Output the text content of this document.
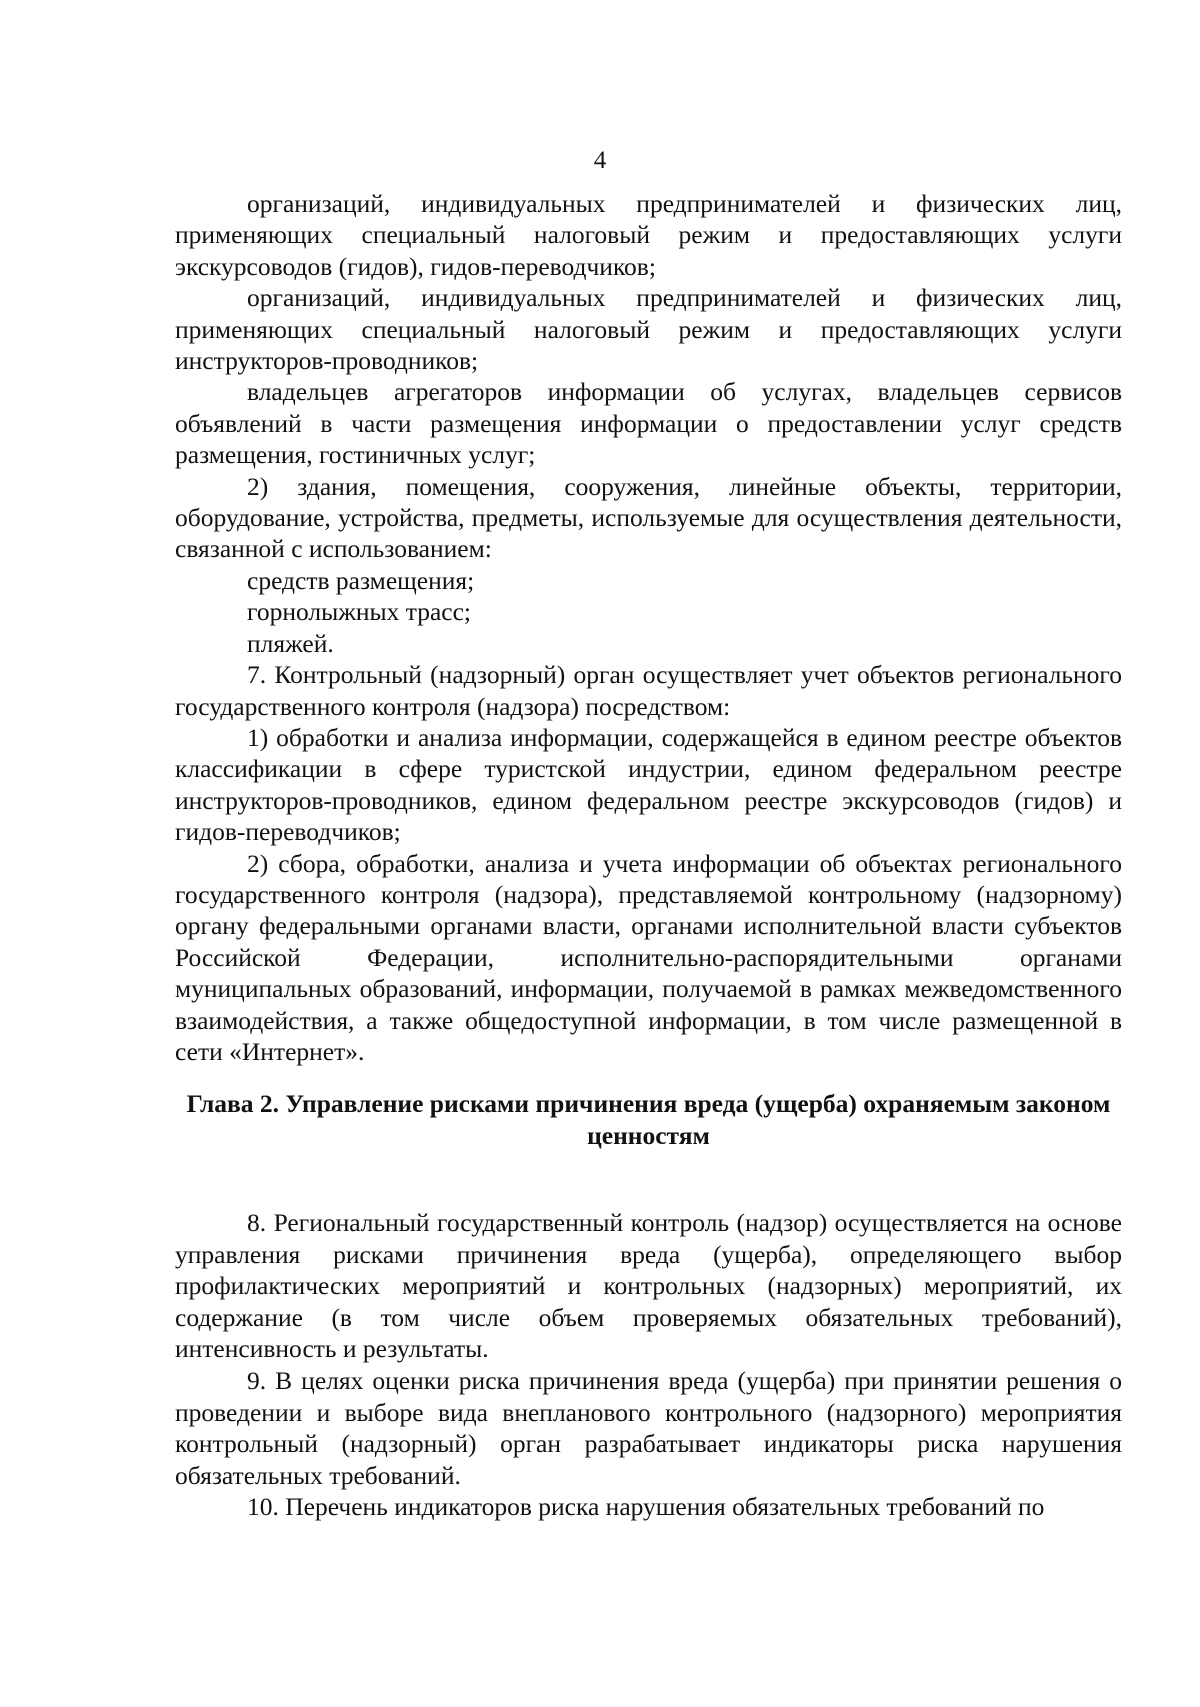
4

организаций, индивидуальных предпринимателей и физических лиц, применяющих специальный налоговый режим и предоставляющих услуги экскурсоводов (гидов), гидов-переводчиков;

организаций, индивидуальных предпринимателей и физических лиц, применяющих специальный налоговый режим и предоставляющих услуги инструкторов-проводников;

владельцев агрегаторов информации об услугах, владельцев сервисов объявлений в части размещения информации о предоставлении услуг средств размещения, гостиничных услуг;

2) здания, помещения, сооружения, линейные объекты, территории, оборудование, устройства, предметы, используемые для осуществления деятельности, связанной с использованием:

средств размещения;

горнолыжных трасс;

пляжей.

7. Контрольный (надзорный) орган осуществляет учет объектов регионального государственного контроля (надзора) посредством:

1) обработки и анализа информации, содержащейся в едином реестре объектов классификации в сфере туристской индустрии, едином федеральном реестре инструкторов-проводников, едином федеральном реестре экскурсоводов (гидов) и гидов-переводчиков;

2) сбора, обработки, анализа и учета информации об объектах регионального государственного контроля (надзора), представляемой контрольному (надзорному) органу федеральными органами власти, органами исполнительной власти субъектов Российской Федерации, исполнительно-распорядительными органами муниципальных образований, информации, получаемой в рамках межведомственного взаимодействия, а также общедоступной информации, в том числе размещенной в сети «Интернет».

Глава 2. Управление рисками причинения вреда (ущерба) охраняемым законом ценностям

8. Региональный государственный контроль (надзор) осуществляется на основе управления рисками причинения вреда (ущерба), определяющего выбор профилактических мероприятий и контрольных (надзорных) мероприятий, их содержание (в том числе объем проверяемых обязательных требований), интенсивность и результаты.

9. В целях оценки риска причинения вреда (ущерба) при принятии решения о проведении и выборе вида внепланового контрольного (надзорного) мероприятия контрольный (надзорный) орган разрабатывает индикаторы риска нарушения обязательных требований.

10. Перечень индикаторов риска нарушения обязательных требований по
